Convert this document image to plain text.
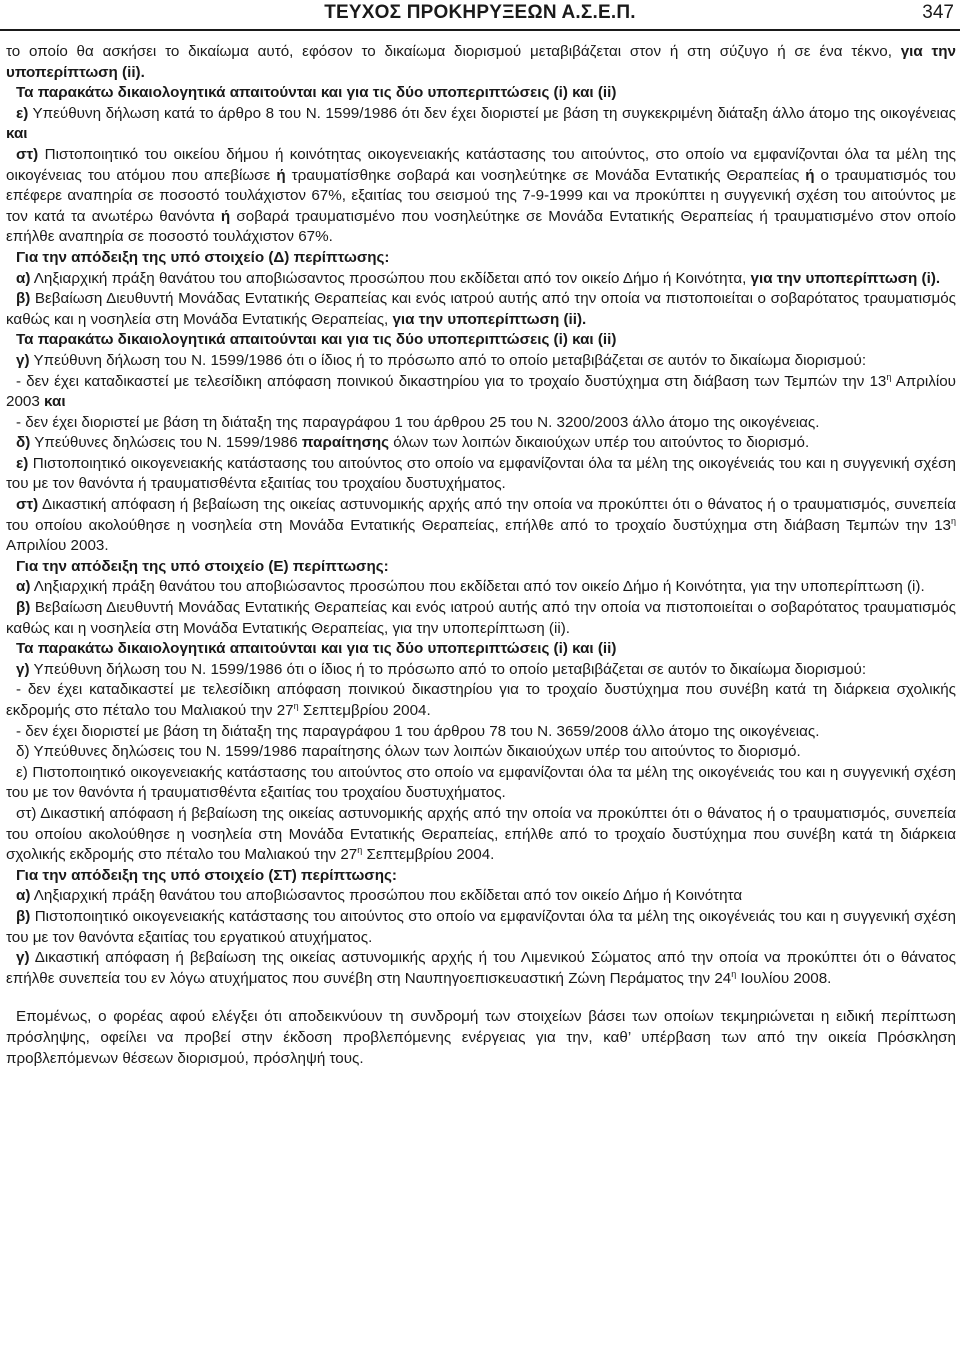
ΤΕΥΧΟΣ ΠΡΟΚΗΡΥΞΕΩΝ Α.Σ.Ε.Π.	347

το οποίο θα ασκήσει το δικαίωμα αυτό, εφόσον το δικαίωμα διορισμού μεταβιβάζεται στον ή στη σύζυγο ή σε ένα τέκνο, για την υποπερίπτωση (ii).

Τα παρακάτω δικαιολογητικά απαιτούνται και για τις δύο υποπεριπτώσεις (i) και (ii)

ε) Υπεύθυνη δήλωση κατά το άρθρο 8 του Ν. 1599/1986 ότι δεν έχει διοριστεί με βάση τη συγκεκριμένη διάταξη άλλο άτομο της οικογένειας και

στ) Πιστοποιητικό του οικείου δήμου ή κοινότητας οικογενειακής κατάστασης του αιτούντος, στο οποίο να εμφανίζονται όλα τα μέλη της οικογένειας του ατόμου που απεβίωσε ή τραυματίσθηκε σοβαρά και νοσηλεύτηκε σε Μονάδα Εντατικής Θεραπείας ή ο τραυματισμός του επέφερε αναπηρία σε ποσοστό τουλάχιστον 67%, εξαιτίας του σεισμού της 7-9-1999 και να προκύπτει η συγγενική σχέση του αιτούντος με τον κατά τα ανωτέρω θανόντα ή σοβαρά τραυματισμένο που νοσηλεύτηκε σε Μονάδα Εντατικής Θεραπείας ή τραυματισμένο στον οποίο επήλθε αναπηρία σε ποσοστό τουλάχιστον 67%.

Για την απόδειξη της υπό στοιχείο (Δ) περίπτωσης:

α) Ληξιαρχική πράξη θανάτου του αποβιώσαντος προσώπου που εκδίδεται από τον οικείο Δήμο ή Κοινότητα, για την υποπερίπτωση (i).

β) Βεβαίωση Διευθυντή Μονάδας Εντατικής Θεραπείας και ενός ιατρού αυτής από την οποία να πιστοποιείται ο σοβαρότατος τραυματισμός καθώς και η νοσηλεία στη Μονάδα Εντατικής Θεραπείας, για την υποπερίπτωση (ii).

Τα παρακάτω δικαιολογητικά απαιτούνται και για τις δύο υποπεριπτώσεις (i) και (ii)

γ) Υπεύθυνη δήλωση του Ν. 1599/1986 ότι ο ίδιος ή το πρόσωπο από το οποίο μεταβιβάζεται σε αυτόν το δικαίωμα διορισμού:

- δεν έχει καταδικαστεί με τελεσίδικη απόφαση ποινικού δικαστηρίου για το τροχαίο δυστύχημα στη διάβαση των Τεμπών την $13^\eta$ Απριλίου 2003 και

- δεν έχει διοριστεί με βάση τη διάταξη της παραγράφου 1 του άρθρου 25 του Ν. 3200/2003 άλλο άτομο της οικογένειας.

δ) Υπεύθυνες δηλώσεις του Ν. 1599/1986 παραίτησης όλων των λοιπών δικαιούχων υπέρ του αιτούντος το διορισμό.

ε) Πιστοποιητικό οικογενειακής κατάστασης του αιτούντος στο οποίο να εμφανίζονται όλα τα μέλη της οικογένειάς του και η συγγενική σχέση του με τον θανόντα ή τραυματισθέντα εξαιτίας του τροχαίου δυστυχήματος.

στ) Δικαστική απόφαση ή βεβαίωση της οικείας αστυνομικής αρχής από την οποία να προκύπτει ότι ο θάνατος ή ο τραυματισμός, συνεπεία του οποίου ακολούθησε η νοσηλεία στη Μονάδα Εντατικής Θεραπείας, επήλθε από το τροχαίο δυστύχημα στη διάβαση Τεμπών την $13^\eta$ Απριλίου 2003.

Για την απόδειξη της υπό στοιχείο (Ε) περίπτωσης:

α) Ληξιαρχική πράξη θανάτου του αποβιώσαντος προσώπου που εκδίδεται από τον οικείο Δήμο ή Κοινότητα, για την υποπερίπτωση (i).

β) Βεβαίωση Διευθυντή Μονάδας Εντατικής Θεραπείας και ενός ιατρού αυτής από την οποία να πιστοποιείται ο σοβαρότατος τραυματισμός καθώς και η νοσηλεία στη Μονάδα Εντατικής Θεραπείας, για την υποπερίπτωση (ii).

Τα παρακάτω δικαιολογητικά απαιτούνται και για τις δύο υποπεριπτώσεις (i) και (ii)

γ) Υπεύθυνη δήλωση του Ν. 1599/1986 ότι ο ίδιος ή το πρόσωπο από το οποίο μεταβιβάζεται σε αυτόν το δικαίωμα διορισμού:

- δεν έχει καταδικαστεί με τελεσίδικη απόφαση ποινικού δικαστηρίου για το τροχαίο δυστύχημα που συνέβη κατά τη διάρκεια σχολικής εκδρομής στο πέταλο του Μαλιακού την $27^\eta$ Σεπτεμβρίου 2004.

- δεν έχει διοριστεί με βάση τη διάταξη της παραγράφου 1 του άρθρου 78 του Ν. 3659/2008 άλλο άτομο της οικογένειας.

δ) Υπεύθυνες δηλώσεις του Ν. 1599/1986 παραίτησης όλων των λοιπών δικαιούχων υπέρ του αιτούντος το διορισμό.

ε) Πιστοποιητικό οικογενειακής κατάστασης του αιτούντος στο οποίο να εμφανίζονται όλα τα μέλη της οικογένειάς του και η συγγενική σχέση του με τον θανόντα ή τραυματισθέντα εξαιτίας του τροχαίου δυστυχήματος.

στ) Δικαστική απόφαση ή βεβαίωση της οικείας αστυνομικής αρχής από την οποία να προκύπτει ότι ο θάνατος ή ο τραυματισμός, συνεπεία του οποίου ακολούθησε η νοσηλεία στη Μονάδα Εντατικής Θεραπείας, επήλθε από το τροχαίο δυστύχημα που συνέβη κατά τη διάρκεια σχολικής εκδρομής στο πέταλο του Μαλιακού την $27^\eta$ Σεπτεμβρίου 2004.

Για την απόδειξη της υπό στοιχείο (ΣΤ) περίπτωσης:

α) Ληξιαρχική πράξη θανάτου του αποβιώσαντος προσώπου που εκδίδεται από τον οικείο Δήμο ή Κοινότητα

β) Πιστοποιητικό οικογενειακής κατάστασης του αιτούντος στο οποίο να εμφανίζονται όλα τα μέλη της οικογένειάς του και η συγγενική σχέση του με τον θανόντα εξαιτίας του εργατικού ατυχήματος.

γ) Δικαστική απόφαση ή βεβαίωση της οικείας αστυνομικής αρχής ή του Λιμενικού Σώματος από την οποία να προκύπτει ότι ο θάνατος επήλθε συνεπεία του εν λόγω ατυχήματος που συνέβη στη Ναυπηγοεπισκευαστική Ζώνη Περάματος την $24^\eta$ Ιουλίου 2008.

Επομένως, ο φορέας αφού ελέγξει ότι αποδεικνύουν τη συνδρομή των στοιχείων βάσει των οποίων τεκμηριώνεται η ειδική περίπτωση πρόσληψης, οφείλει να προβεί στην έκδοση προβλεπόμενης ενέργειας για την, καθ’ υπέρβαση των από την οικεία Πρόσκληση προβλεπόμενων θέσεων διορισμού, πρόσληψή τους.
